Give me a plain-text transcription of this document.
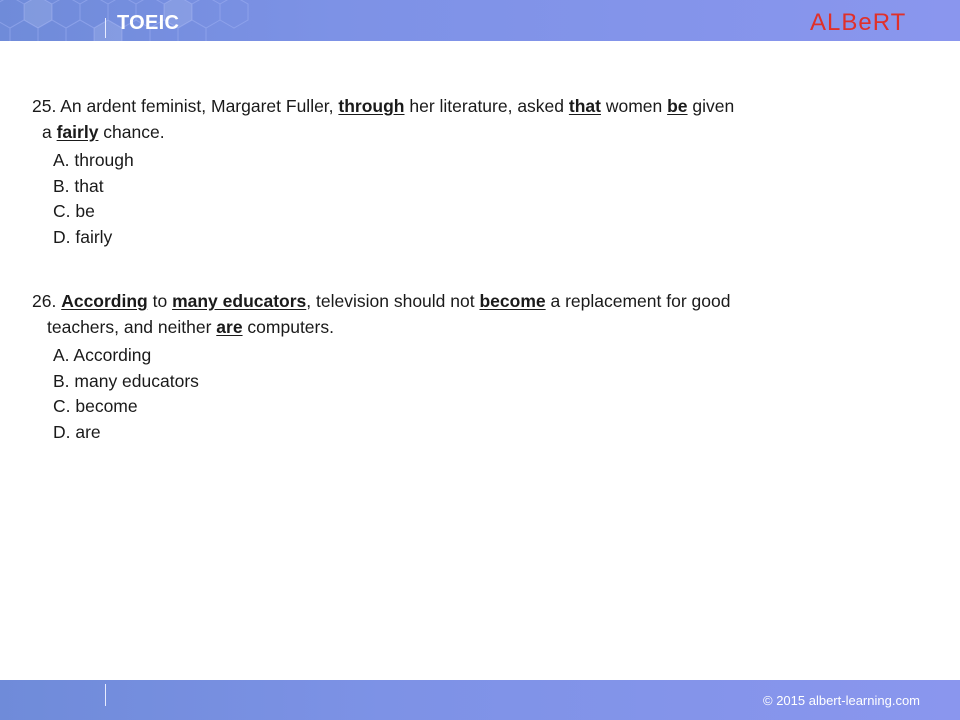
TOEIC	ALBeRT
25. An ardent feminist, Margaret Fuller, through her literature, asked that women be given
a fairly chance.
A. through
B. that
C. be
D. fairly
26. According to many educators, television should not become a replacement for good
teachers, and neither are computers.
A. According
B. many educators
C. become
D. are
© 2015 albert-learning.com
